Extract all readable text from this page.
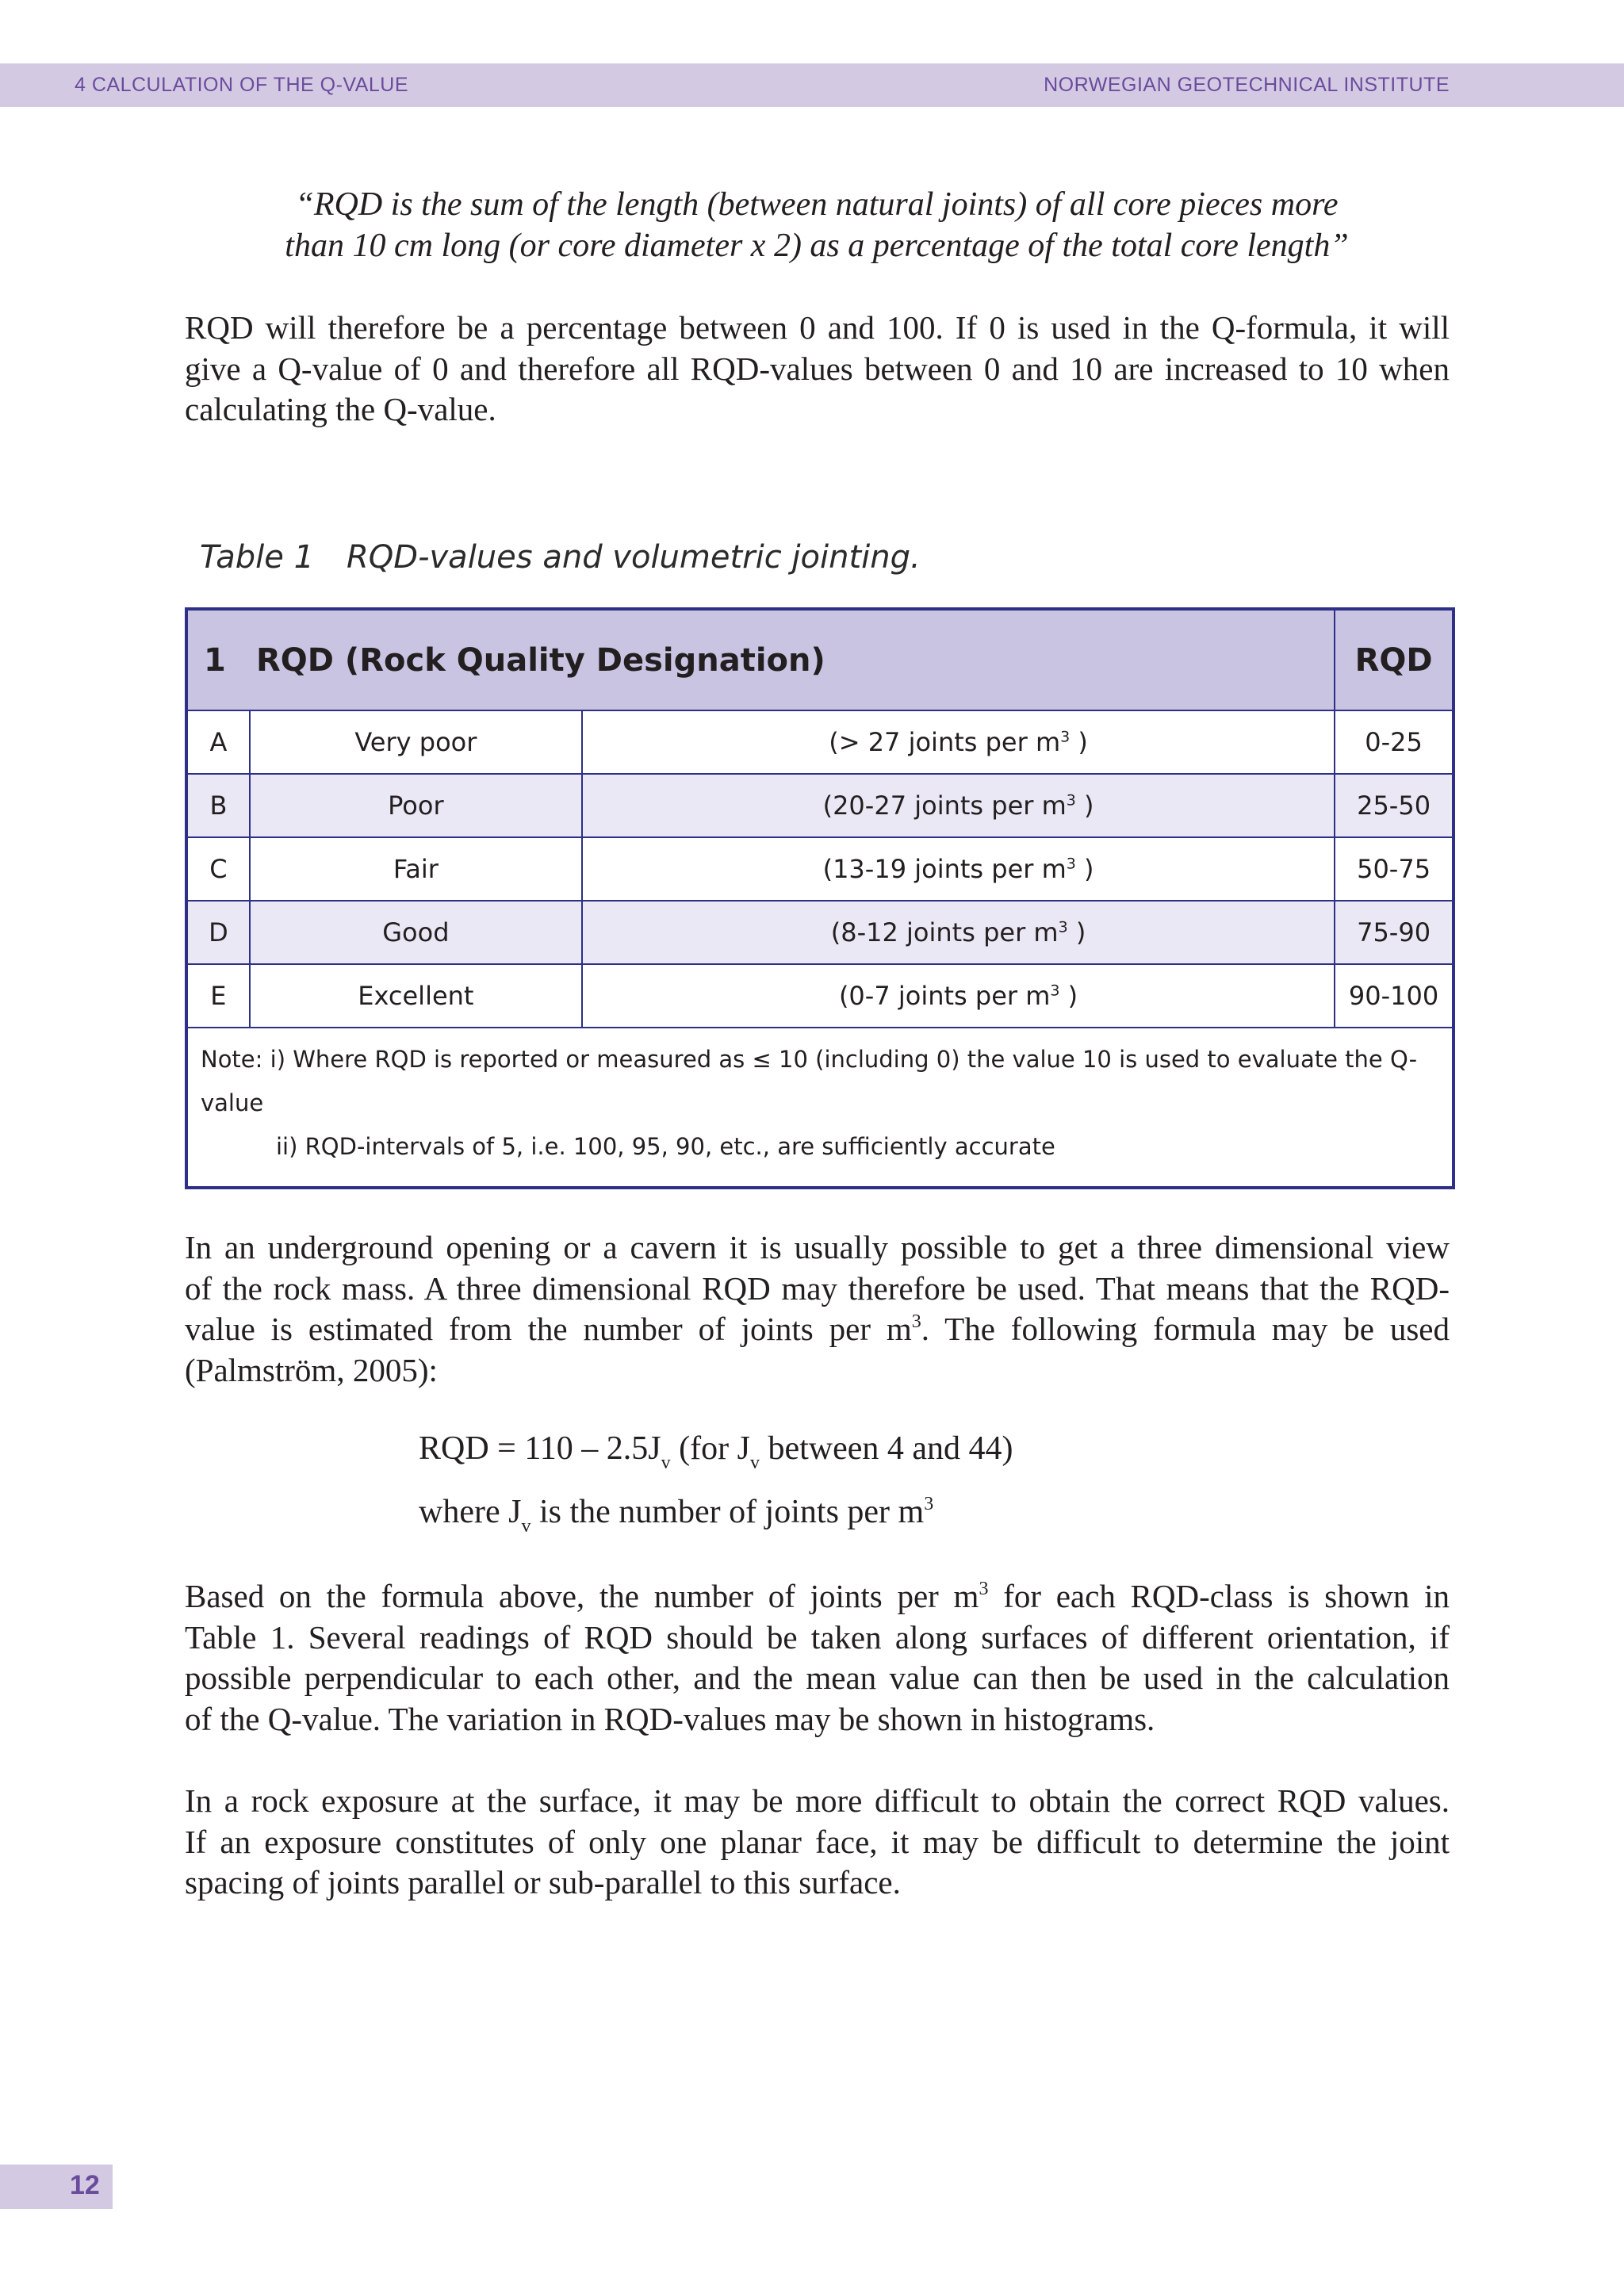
4 CALCULATION OF THE Q-VALUE	NORWEGIAN GEOTECHNICAL INSTITUTE
“RQD is the sum of the length (between natural joints) of all core pieces more
than 10 cm long (or core diameter x 2) as a percentage of the total core length”
RQD will therefore be a percentage between 0 and 100. If 0 is used in the Q-formula, it will
give a Q-value of 0 and therefore all RQD-values between 0 and 10 are increased to 10 when
calculating the Q-value.
Table 1 RQD-values and volumetric jointing.
1 RQD (Rock Quality Designation)			RQD
A	Very poor	(> 27 joints per $m^3$ )	0-25
B	Poor	(20-27 joints per $m^3$ )	25-50
C	Fair	(13-19 joints per $m^3$ )	50-75
D	Good	(8-12 joints per $m^3$ )	75-90
E	Excellent	(0-7 joints per $m^3$ )	90-100
Note: i) Where RQD is reported or measured as ≤ 10 (including 0) the value 10 is used to evaluate the Q-value
ii) RQD-intervals of 5, i.e. 100, 95, 90, etc., are sufficiently accurate			
In an underground opening or a cavern it is usually possible to get a three dimensional view
of the rock mass. A three dimensional RQD may therefore be used. That means that the RQD-
value is estimated from the number of joints per $m^3$. The following formula may be used
(Palmström, 2005):
RQD = $110 - 2.5J_v$ (for $J_v$ between 4 and 44)
where $J_v$ is the number of joints per $m^3$
Based on the formula above, the number of joints per $m^3$ for each RQD-class is shown in
Table 1. Several readings of RQD should be taken along surfaces of different orientation, if
possible perpendicular to each other, and the mean value can then be used in the calculation
of the Q-value. The variation in RQD-values may be shown in histograms.
In a rock exposure at the surface, it may be more difficult to obtain the correct RQD values.
If an exposure constitutes of only one planar face, it may be difficult to determine the joint
spacing of joints parallel or sub-parallel to this surface.
12
